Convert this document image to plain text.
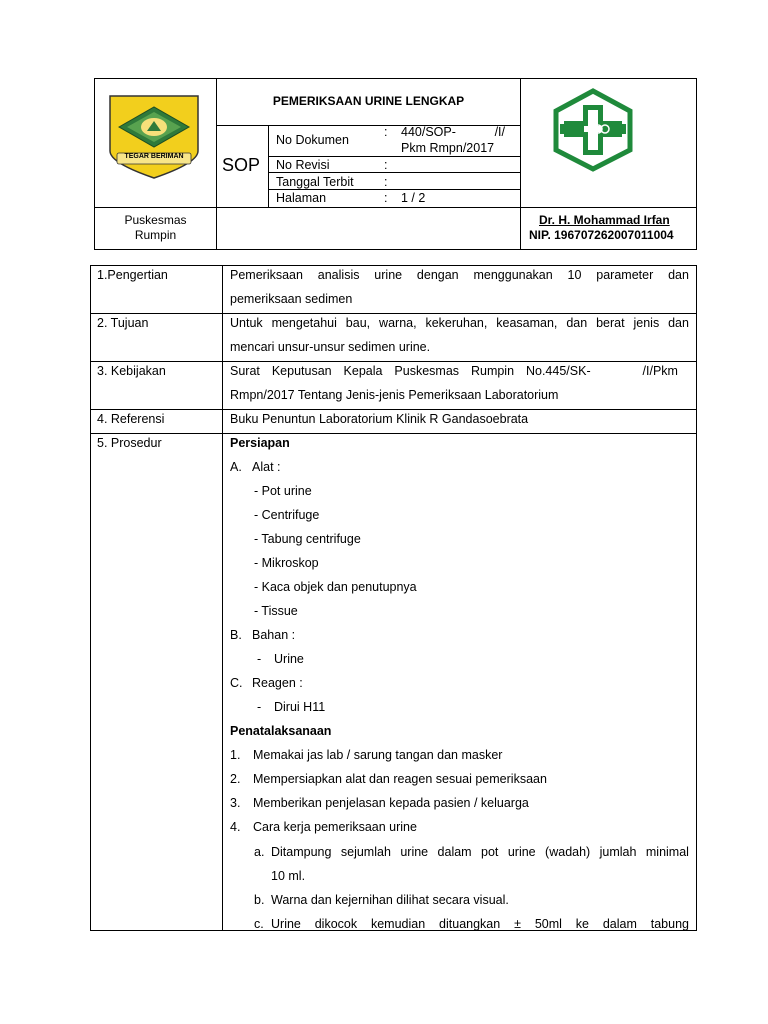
TEGAR BERIMAN
PEMERIKSAAN URINE LENGKAP
SOP
No Dokumen
: 440/SOP-	/I/
Pkm Rmpn/2017
No Revisi	:
Tanggal Terbit :
Halaman	: 1 / 2
Puskesmas
Rumpin
Dr. H. Mohammad Irfan
NIP. 196707262007011004
1.Pengertian	Pemeriksaan analisis urine dengan menggunakan 10 parameter dan
pemeriksaan sedimen
2. Tujuan	Untuk mengetahui bau, warna, kekeruhan, keasaman, dan berat jenis dan
mencari unsur-unsur sedimen urine.
3. Kebijakan	Surat Keputusan Kepala Puskesmas Rumpin No.445/SK-	/I/Pkm
Rmpn/2017 Tentang Jenis-jenis Pemeriksaan Laboratorium
4. Referensi	Buku Penuntun Laboratorium Klinik R Gandasoebrata
5. Prosedur	Persiapan
A. Alat :
- Pot urine
- Centrifuge
- Tabung centrifuge
- Mikroskop
- Kaca objek dan penutupnya
- Tissue
B. Bahan :
- Urine
C. Reagen :
- Dirui H11
Penatalaksanaan
1. Memakai jas lab / sarung tangan dan masker
2. Mempersiapkan alat dan reagen sesuai pemeriksaan
3. Memberikan penjelasan kepada pasien / keluarga
4. Cara kerja pemeriksaan urine
a. Ditampung sejumlah urine dalam pot urine (wadah) jumlah minimal
10 ml.
b. Warna dan kejernihan dilihat secara visual.
c. Urine dikocok kemudian dituangkan ± 50ml ke dalam tabung
